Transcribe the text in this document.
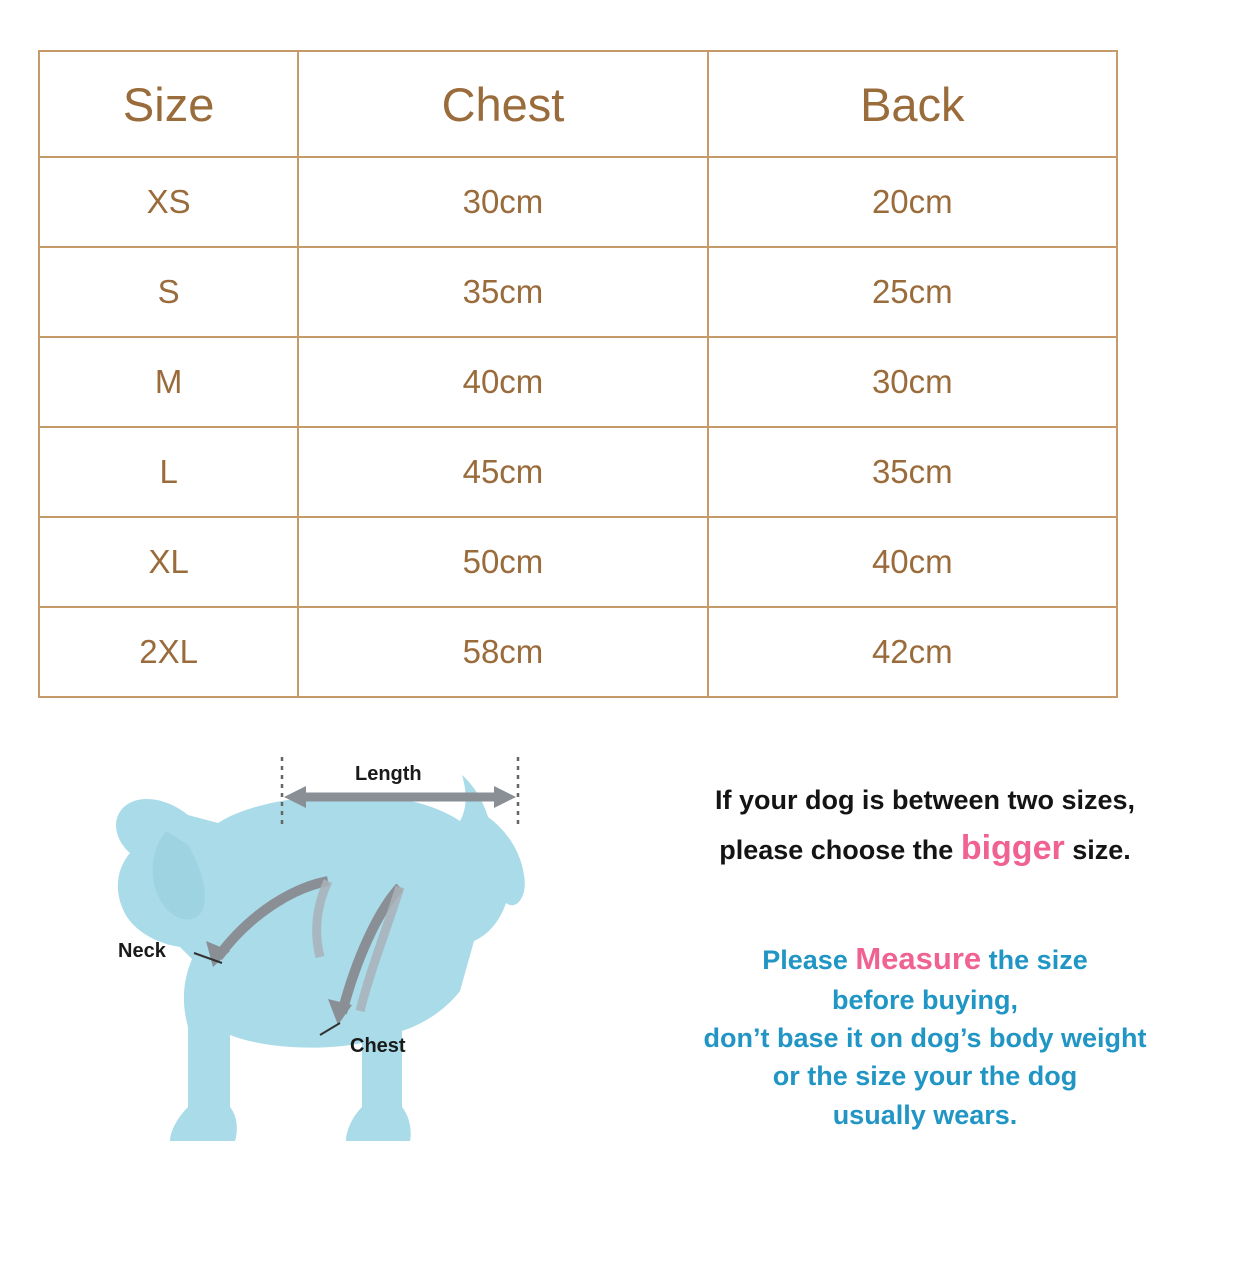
Size	Chest	Back
XS	30cm	20cm
S	35cm	25cm
M	40cm	30cm
L	45cm	35cm
XL	50cm	40cm
2XL	58cm	42cm
Length
Neck
Chest
If your dog is between two sizes,
please choose the bigger size.
Please Measure the size
before buying,
don’t base it on dog’s body weight
or the size your the dog
usually wears.
